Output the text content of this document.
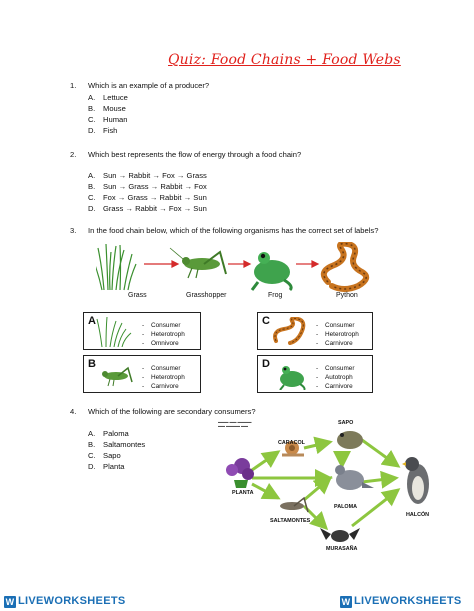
Quiz: Food Chains + Food Webs
1. Which is an example of a producer?
A. Lettuce
B. Mouse
C. Human
D. Fish
2. Which best represents the flow of energy through a food chain?
A. Sun → Rabbit → Fox → Grass
B. Sun → Grass → Rabbit → Fox
C. Fox → Grass → Rabbit → Sun
D. Grass → Rabbit → Fox → Sun
3. In the food chain below, which of the following organisms has the correct set of labels?
Grass	Grasshopper	Frog	Python
A	- Consumer
- Heterotroph
- Omnivore
C	- Consumer
- Heterotroph
- Carnivore
B	- Consumer
- Heterotroph
- Carnivore
D	- Consumer
- Autotroph
- Carnivore
4. Which of the following are secondary consumers?
A. Paloma
B. Saltamontes
C. Sapo
D. Planta
▬▬▬ ▬▬ ▬▬▬▬
▬▬ ▬▬▬▬ ▬▬	SAPO
CARACOL
PLANTA
PALOMA
HALCÓN
SALTAMONTES
MURASAÑA
W LIVEWORKSHEETS	W LIVEWORKSHEETS
